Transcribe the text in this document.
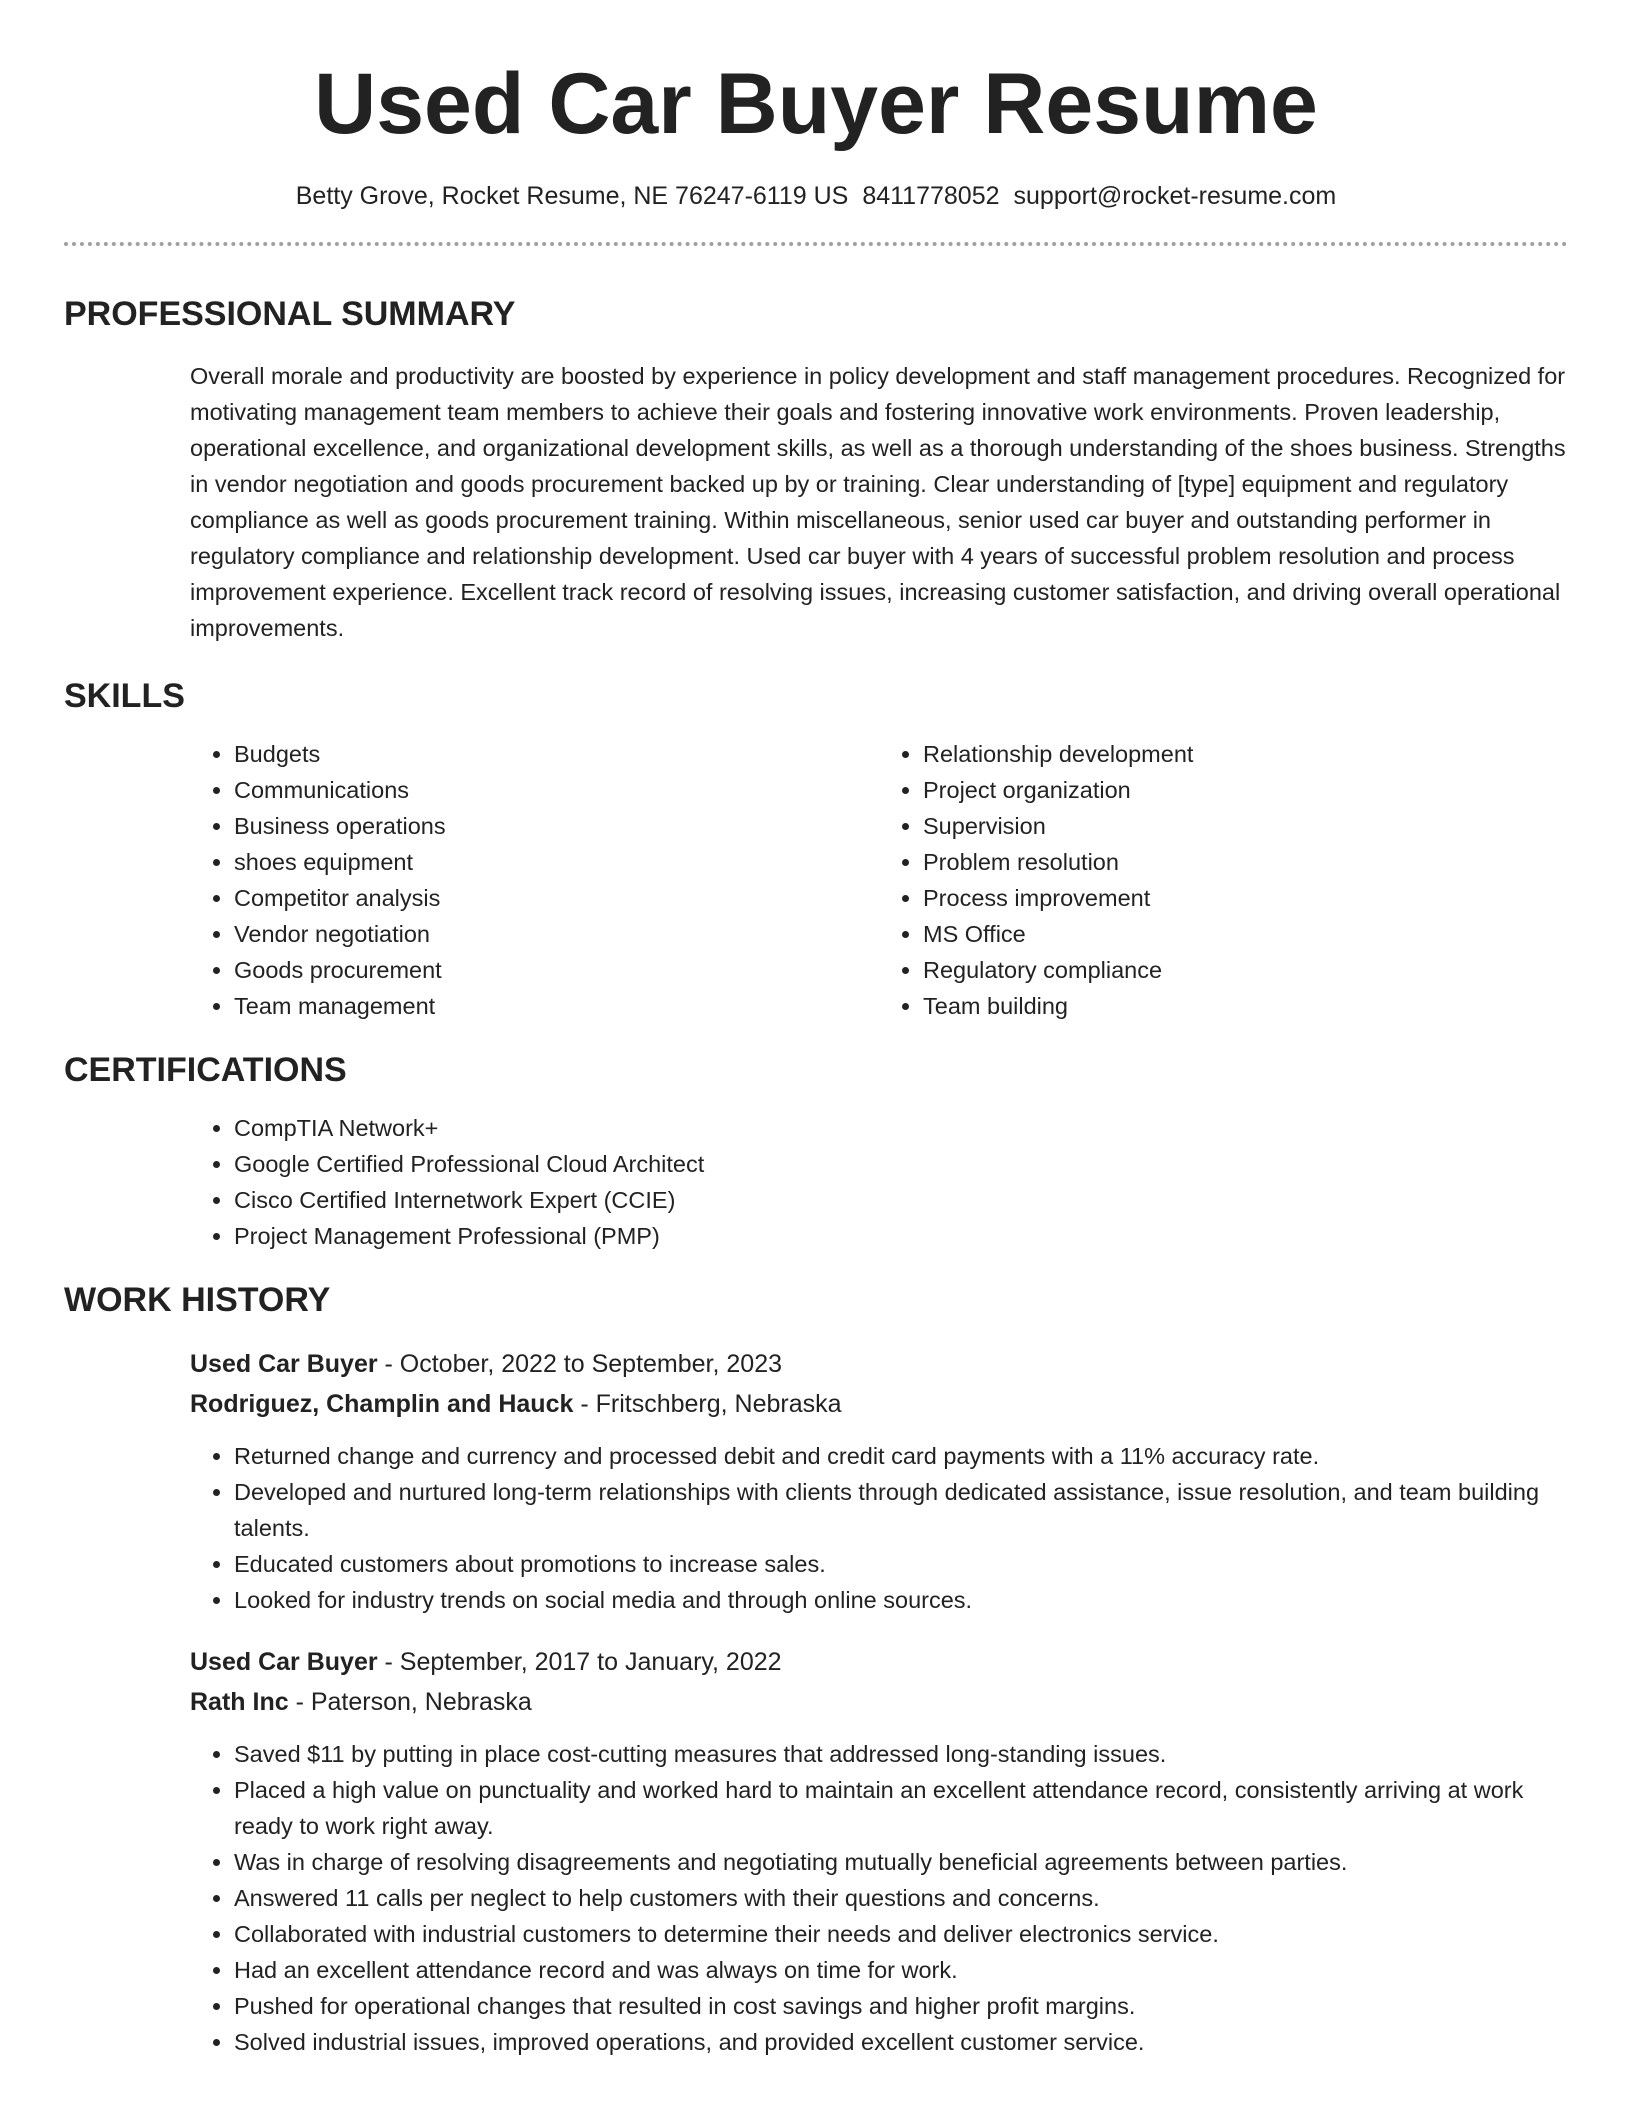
Used Car Buyer Resume
Betty Grove, Rocket Resume, NE 76247-6119 US 8411778052 support@rocket-resume.com
PROFESSIONAL SUMMARY

Overall morale and productivity are boosted by experience in policy development and staff management procedures. Recognized for motivating management team members to achieve their goals and fostering innovative work environments. Proven leadership, operational excellence, and organizational development skills, as well as a thorough understanding of the shoes business. Strengths in vendor negotiation and goods procurement backed up by or training. Clear understanding of [type] equipment and regulatory compliance as well as goods procurement training. Within miscellaneous, senior used car buyer and outstanding performer in regulatory compliance and relationship development. Used car buyer with 4 years of successful problem resolution and process improvement experience. Excellent track record of resolving issues, increasing customer satisfaction, and driving overall operational improvements.

SKILLS
• Budgets
• Communications
• Business operations
• shoes equipment
• Competitor analysis
• Vendor negotiation
• Goods procurement
• Team management
• Relationship development
• Project organization
• Supervision
• Problem resolution
• Process improvement
• MS Office
• Regulatory compliance
• Team building
CERTIFICATIONS
• CompTIA Network+
• Google Certified Professional Cloud Architect
• Cisco Certified Internetwork Expert (CCIE)
• Project Management Professional (PMP)
WORK HISTORY
Used Car Buyer - October, 2022 to September, 2023
Rodriguez, Champlin and Hauck - Fritschberg, Nebraska
• Returned change and currency and processed debit and credit card payments with a 11% accuracy rate.
• Developed and nurtured long-term relationships with clients through dedicated assistance, issue resolution, and team building talents.
• Educated customers about promotions to increase sales.
• Looked for industry trends on social media and through online sources.
Used Car Buyer - September, 2017 to January, 2022
Rath Inc - Paterson, Nebraska
• Saved $11 by putting in place cost-cutting measures that addressed long-standing issues.
• Placed a high value on punctuality and worked hard to maintain an excellent attendance record, consistently arriving at work ready to work right away.
• Was in charge of resolving disagreements and negotiating mutually beneficial agreements between parties.
• Answered 11 calls per neglect to help customers with their questions and concerns.
• Collaborated with industrial customers to determine their needs and deliver electronics service.
• Had an excellent attendance record and was always on time for work.
• Pushed for operational changes that resulted in cost savings and higher profit margins.
• Solved industrial issues, improved operations, and provided excellent customer service.
